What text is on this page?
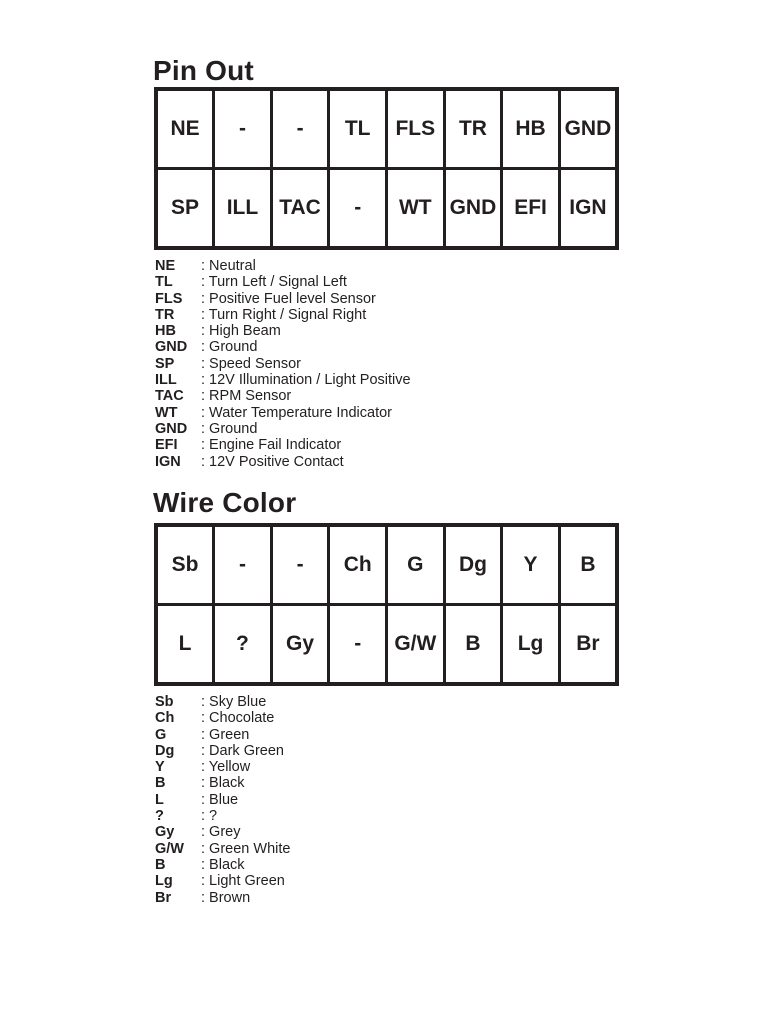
Pin Out
NE	-	-	TL	FLS	TR	HB	GND
SP	ILL	TAC	-	WT	GND	EFI	IGN
NE	: Neutral
TL	: Turn Left / Signal Left
FLS	: Positive Fuel level Sensor
TR	: Turn Right / Signal Right
HB	: High Beam
GND : Ground
SP	: Speed Sensor
ILL	: 12V Illumination / Light Positive
TAC	: RPM Sensor
WT	: Water Temperature Indicator
GND : Ground
EFI	: Engine Fail Indicator
IGN	: 12V Positive Contact
Wire Color
Sb	-	-	Ch	G	Dg	Y	B
L	?	Gy	-	G/W	B	Lg	Br
Sb	: Sky Blue
Ch	: Chocolate
G	: Green
Dg	: Dark Green
Y	: Yellow
B	: Black
L	: Blue
?	: ?
Gy	: Grey
G/W	: Green White
B	: Black
Lg	: Light Green
Br	: Brown
